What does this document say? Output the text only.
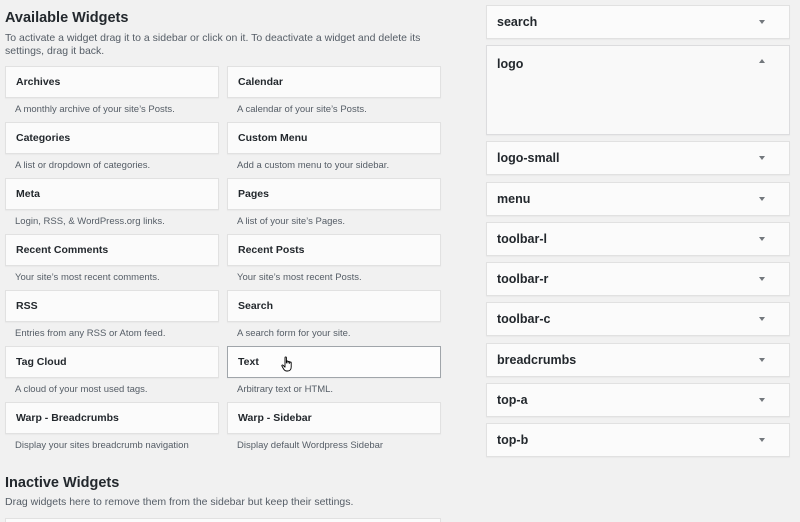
Available Widgets
To activate a widget drag it to a sidebar or click on it. To deactivate a widget and delete its settings, drag it back.
Archives
A monthly archive of your site’s Posts.
Calendar
A calendar of your site’s Posts.
Categories
A list or dropdown of categories.
Custom Menu
Add a custom menu to your sidebar.
Meta
Login, RSS, & WordPress.org links.
Pages
A list of your site’s Pages.
Recent Comments
Your site’s most recent comments.
Recent Posts
Your site’s most recent Posts.
RSS
Entries from any RSS or Atom feed.
Search
A search form for your site.
Tag Cloud
A cloud of your most used tags.
Text
Arbitrary text or HTML.
Warp - Breadcrumbs
Display your sites breadcrumb navigation
Warp - Sidebar
Display default Wordpress Sidebar
Inactive Widgets
Drag widgets here to remove them from the sidebar but keep their settings.
search
logo
logo-small
menu
toolbar-l
toolbar-r
toolbar-c
breadcrumbs
top-a
top-b
